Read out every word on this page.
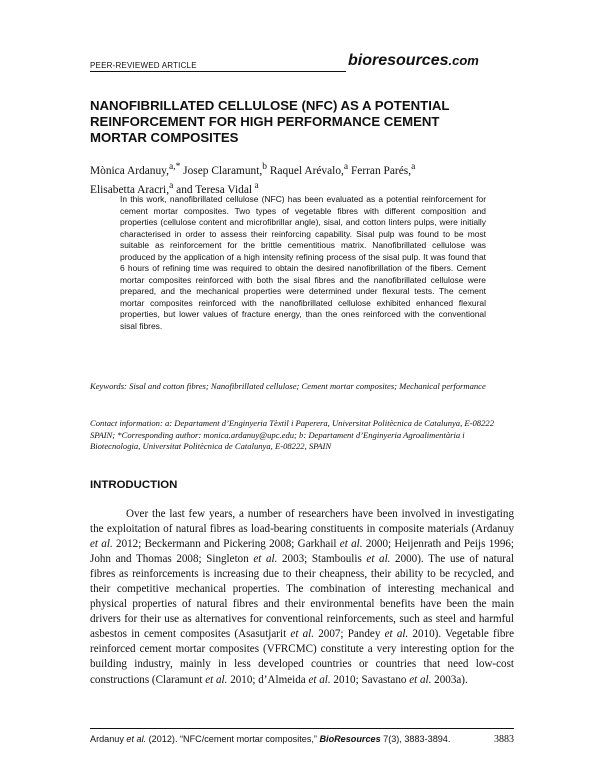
PEER-REVIEWED ARTICLE	bioresources.com
NANOFIBRILLATED CELLULOSE (NFC) AS A POTENTIAL REINFORCEMENT FOR HIGH PERFORMANCE CEMENT MORTAR COMPOSITES

Mònica Ardanuy,$^{a,*}$ Josep Claramunt,$^b$ Raquel Arévalo,$^a$ Ferran Parés,$^a$
Elisabetta Aracri,$^a$ and Teresa Vidal $^a$

In this work, nanofibrillated cellulose (NFC) has been evaluated as a potential reinforcement for cement mortar composites. Two types of vegetable fibres with different composition and properties (cellulose content and microfibrillar angle), sisal, and cotton linters pulps, were initially characterised in order to assess their reinforcing capability. Sisal pulp was found to be most suitable as reinforcement for the brittle cementitious matrix. Nanofibrillated cellulose was produced by the application of a high intensity refining process of the sisal pulp. It was found that 6 hours of refining time was required to obtain the desired nanofibrillation of the fibers. Cement mortar composites reinforced with both the sisal fibres and the nanofibrillated cellulose were prepared, and the mechanical properties were determined under flexural tests. The cement mortar composites reinforced with the nanofibrillated cellulose exhibited enhanced flexural properties, but lower values of fracture energy, than the ones reinforced with the conventional sisal fibres.

Keywords: Sisal and cotton fibres; Nanofibrillated cellulose; Cement mortar composites; Mechanical performance

Contact information: a: Departament d’Enginyeria Tèxtil i Paperera, Universitat Politècnica de Catalunya, E-08222 SPAIN; *Corresponding author: monica.ardanuy@upc.edu; b: Departament d’Enginyeria Agroalimentària i Biotecnologia, Universitat Politècnica de Catalunya, E-08222, SPAIN

INTRODUCTION

Over the last few years, a number of researchers have been involved in investigating the exploitation of natural fibres as load-bearing constituents in composite materials (Ardanuy et al. 2012; Beckermann and Pickering 2008; Garkhail et al. 2000; Heijenrath and Peijs 1996; John and Thomas 2008; Singleton et al. 2003; Stamboulis et al. 2000). The use of natural fibres as reinforcements is increasing due to their cheapness, their ability to be recycled, and their competitive mechanical properties. The combination of interesting mechanical and physical properties of natural fibres and their environmental benefits have been the main drivers for their use as alternatives for conventional reinforcements, such as steel and harmful asbestos in cement composites (Asasutjarit et al. 2007; Pandey et al. 2010). Vegetable fibre reinforced cement mortar composites (VFRCMC) constitute a very interesting option for the building industry, mainly in less developed countries or countries that need low-cost constructions (Claramunt et al. 2010; d’Almeida et al. 2010; Savastano et al. 2003a).

Ardanuy et al. (2012). “NFC/cement mortar composites,” BioResources 7(3), 3883-3894.	3883
